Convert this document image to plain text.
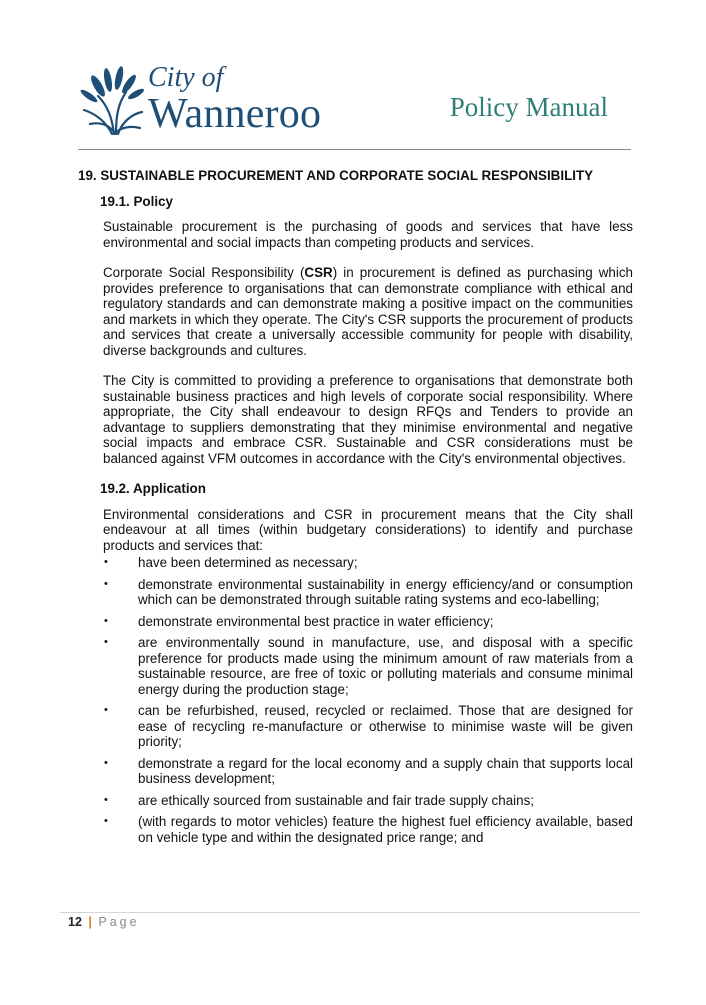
City of
Wanneroo	Policy Manual
19. SUSTAINABLE PROCUREMENT AND CORPORATE SOCIAL RESPONSIBILITY
19.1. Policy

Sustainable procurement is the purchasing of goods and services that have less environmental and social impacts than competing products and services.

Corporate Social Responsibility (CSR) in procurement is defined as purchasing which provides preference to organisations that can demonstrate compliance with ethical and regulatory standards and can demonstrate making a positive impact on the communities and markets in which they operate. The City's CSR supports the procurement of products and services that create a universally accessible community for people with disability, diverse backgrounds and cultures.

The City is committed to providing a preference to organisations that demonstrate both sustainable business practices and high levels of corporate social responsibility. Where appropriate, the City shall endeavour to design RFQs and Tenders to provide an advantage to suppliers demonstrating that they minimise environmental and negative social impacts and embrace CSR. Sustainable and CSR considerations must be balanced against VFM outcomes in accordance with the City's environmental objectives.

19.2. Application

Environmental considerations and CSR in procurement means that the City shall endeavour at all times (within budgetary considerations) to identify and purchase products and services that:

• have been determined as necessary;
• demonstrate environmental sustainability in energy efficiency/and or consumption which can be demonstrated through suitable rating systems and eco-labelling;
• demonstrate environmental best practice in water efficiency;
• are environmentally sound in manufacture, use, and disposal with a specific preference for products made using the minimum amount of raw materials from a sustainable resource, are free of toxic or polluting materials and consume minimal energy during the production stage;
• can be refurbished, reused, recycled or reclaimed. Those that are designed for ease of recycling re-manufacture or otherwise to minimise waste will be given priority;
• demonstrate a regard for the local economy and a supply chain that supports local business development;
• are ethically sourced from sustainable and fair trade supply chains;
• (with regards to motor vehicles) feature the highest fuel efficiency available, based on vehicle type and within the designated price range; and
12 | Page
